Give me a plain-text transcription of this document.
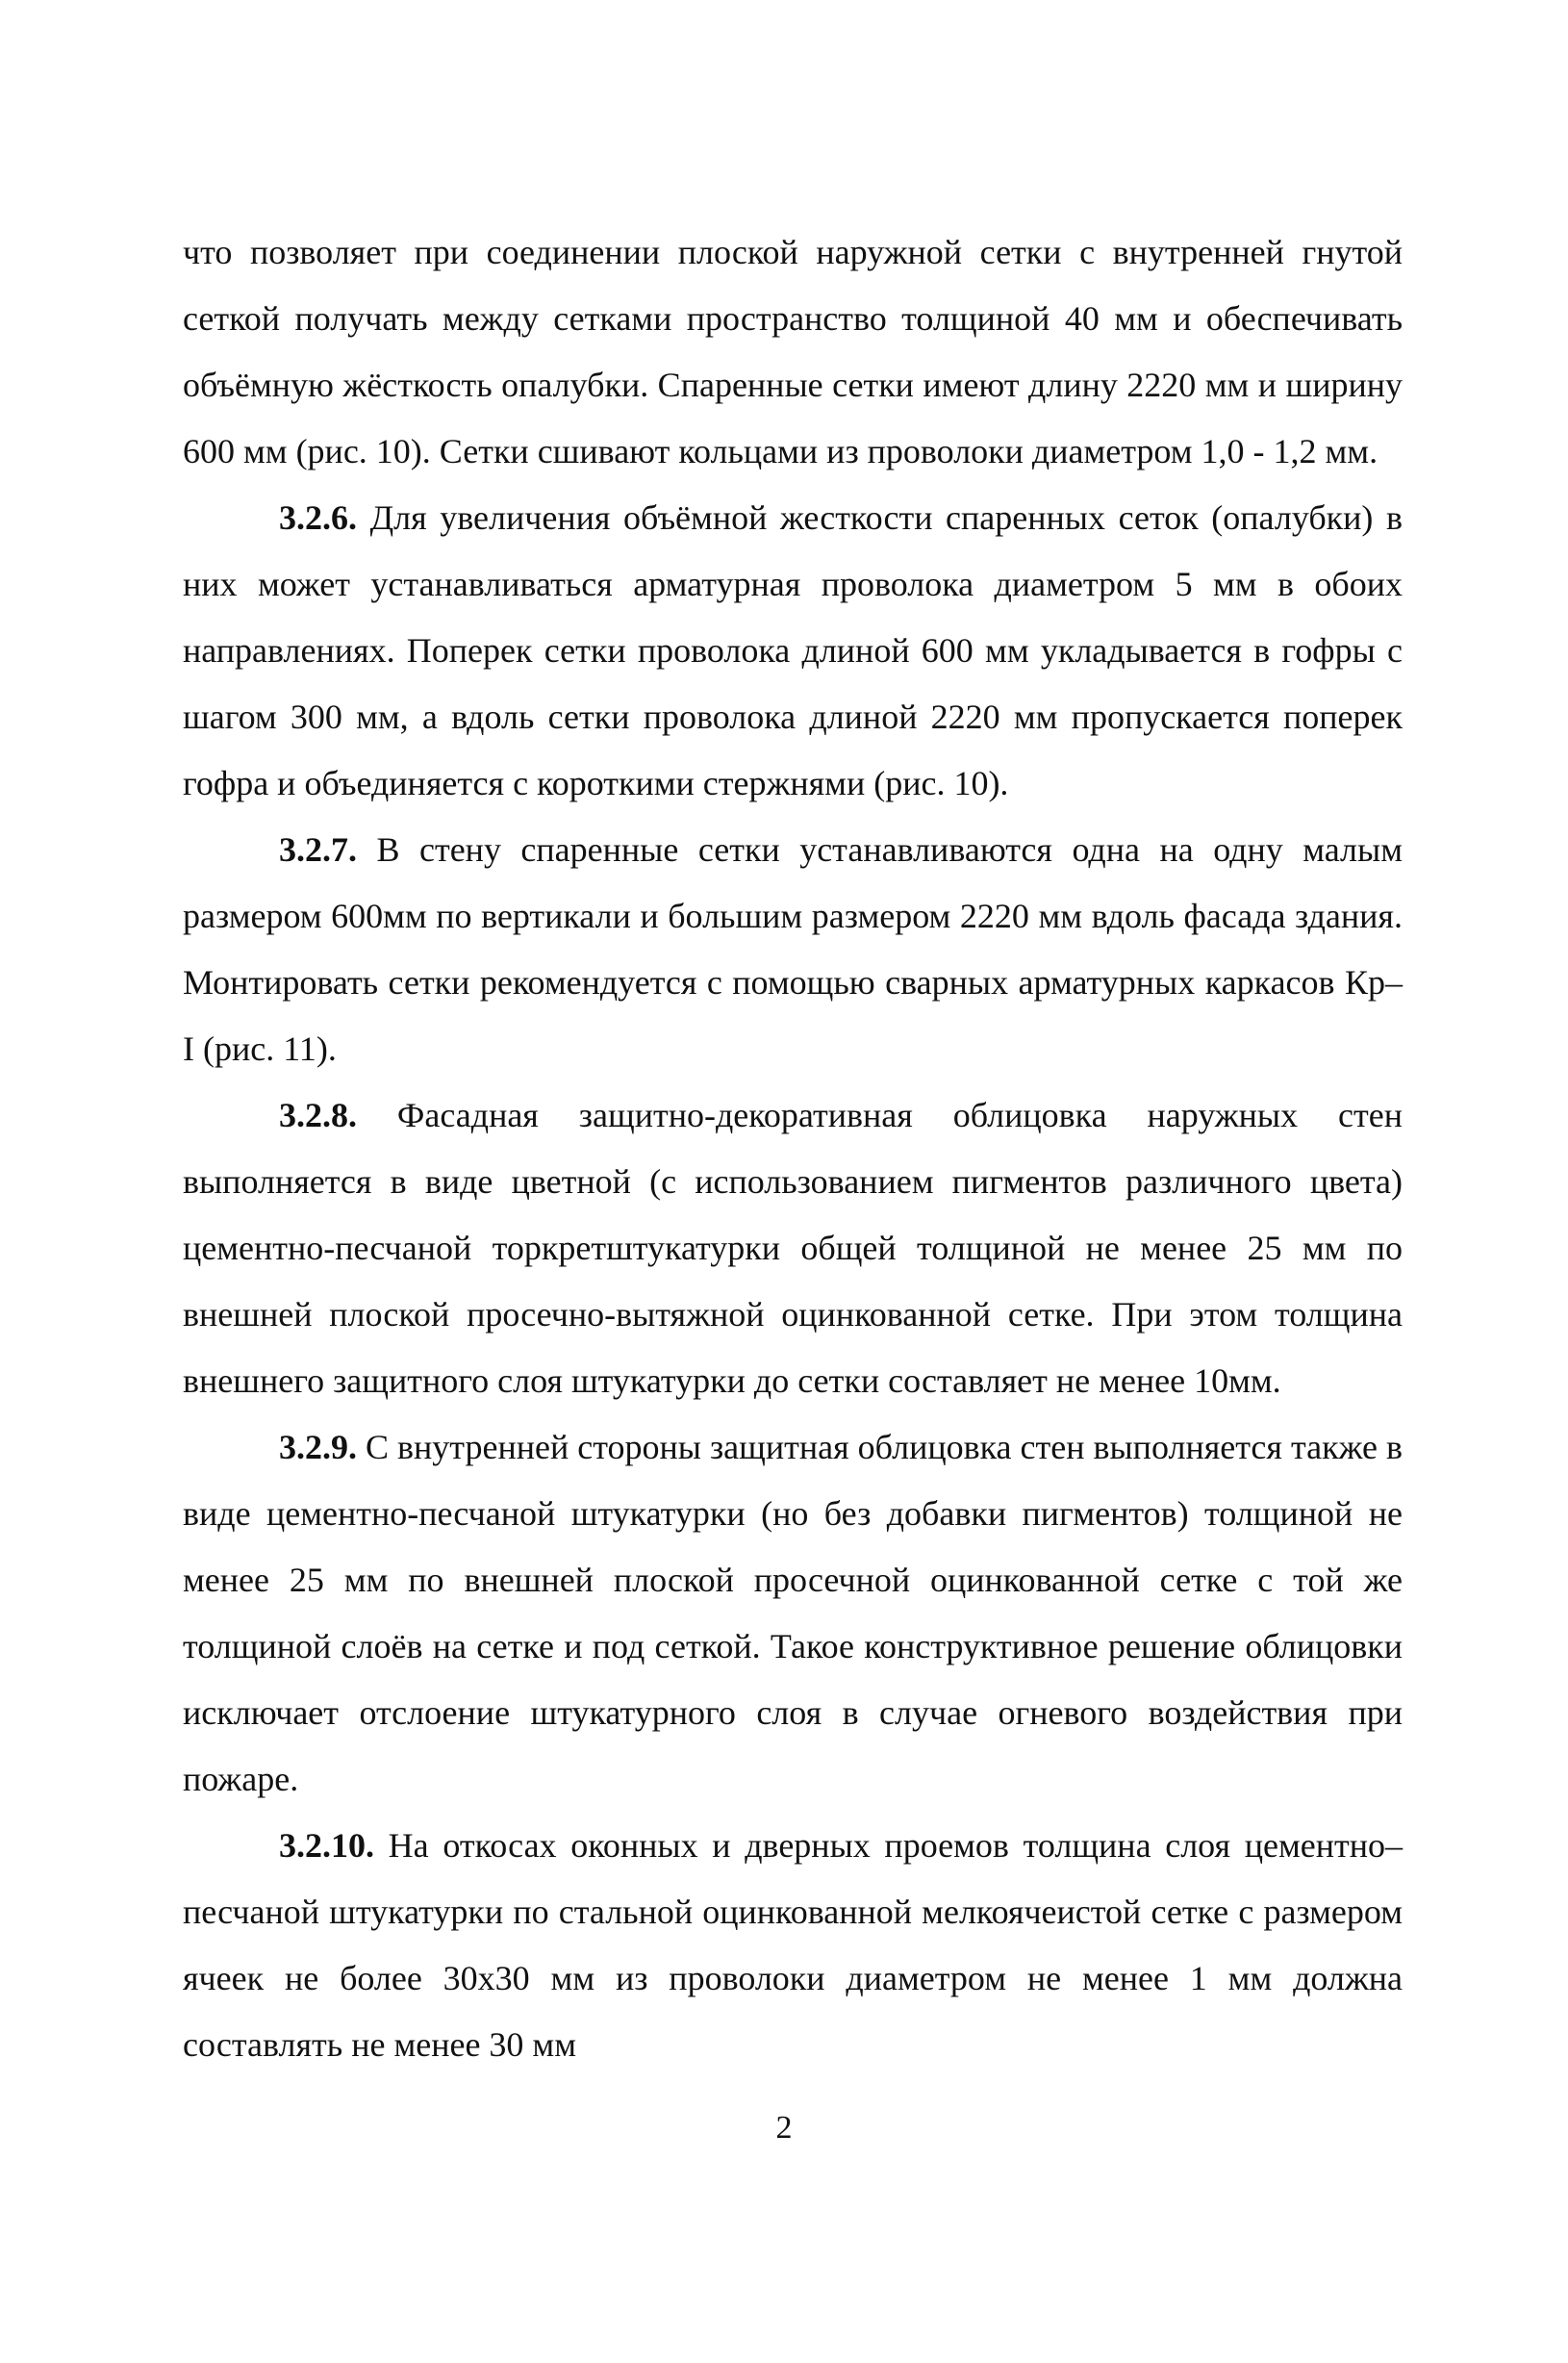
что позволяет при соединении плоской наружной сетки с внутренней гнутой сеткой получать между сетками пространство толщиной 40 мм и обеспечивать объёмную жёсткость опалубки. Спаренные сетки имеют длину 2220 мм и ширину 600 мм (рис. 10). Сетки сшивают кольцами из проволоки диаметром 1,0 - 1,2 мм.

3.2.6. Для увеличения объёмной жесткости спаренных сеток (опалубки) в них может устанавливаться арматурная проволока диаметром 5 мм в обоих направлениях. Поперек сетки проволока длиной 600 мм укладывается в гофры с шагом 300 мм, а вдоль сетки проволока длиной 2220 мм пропускается поперек гофра и объединяется с короткими стержнями (рис. 10).

3.2.7. В стену спаренные сетки устанавливаются одна на одну малым размером 600мм по вертикали и большим размером 2220 мм вдоль фасада здания. Монтировать сетки рекомендуется с помощью сварных арматурных каркасов Кр–I (рис. 11).

3.2.8. Фасадная защитно-декоративная облицовка наружных стен выполняется в виде цветной (с использованием пигментов различного цвета) цементно-песчаной торкретштукатурки общей толщиной не менее 25 мм по внешней плоской просечно-вытяжной оцинкованной сетке. При этом толщина внешнего защитного слоя штукатурки до сетки составляет не менее 10мм.

3.2.9. С внутренней стороны защитная облицовка стен выполняется также в виде цементно-песчаной штукатурки (но без добавки пигментов) толщиной не менее 25 мм по внешней плоской просечной оцинкованной сетке с той же толщиной слоёв на сетке и под сеткой. Такое конструктивное решение облицовки исключает отслоение штукатурного слоя в случае огневого воздействия при пожаре.

3.2.10. На откосах оконных и дверных проемов толщина слоя цементно–песчаной штукатурки по стальной оцинкованной мелкоячеистой сетке с размером ячеек не более 30х30 мм из проволоки диаметром не менее 1 мм должна составлять не менее 30 мм

2
